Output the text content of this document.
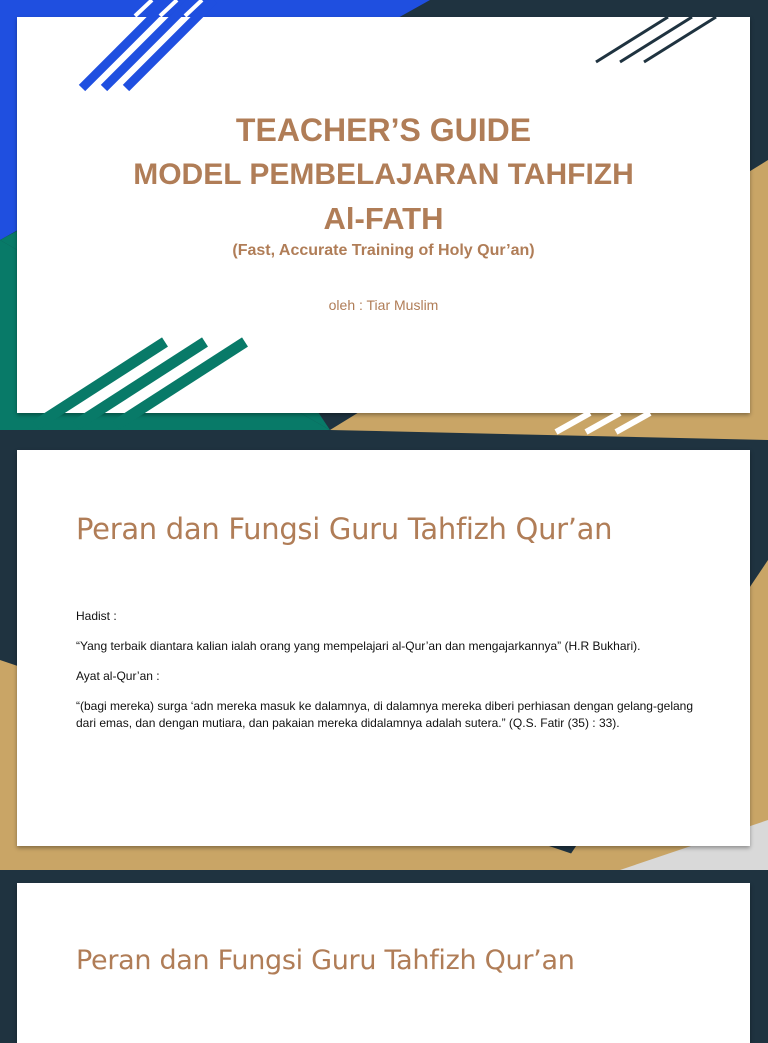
TEACHER’S GUIDE
MODEL PEMBELAJARAN TAHFIZH
Al-FATH
(Fast, Accurate Training of Holy Qur’an)
oleh : Tiar Muslim
Peran dan Fungsi Guru Tahfizh Qur’an

Hadist :

“Yang terbaik diantara kalian ialah orang yang mempelajari al-Qur’an dan mengajarkannya” (H.R Bukhari).

Ayat al-Qur’an :

“(bagi mereka) surga ‘adn mereka masuk ke dalamnya, di dalamnya mereka diberi perhiasan dengan gelang-gelang dari emas, dan dengan mutiara, dan pakaian mereka didalamnya adalah sutera.” (Q.S. Fatir (35) : 33).

Peran dan Fungsi Guru Tahfizh Qur’an
